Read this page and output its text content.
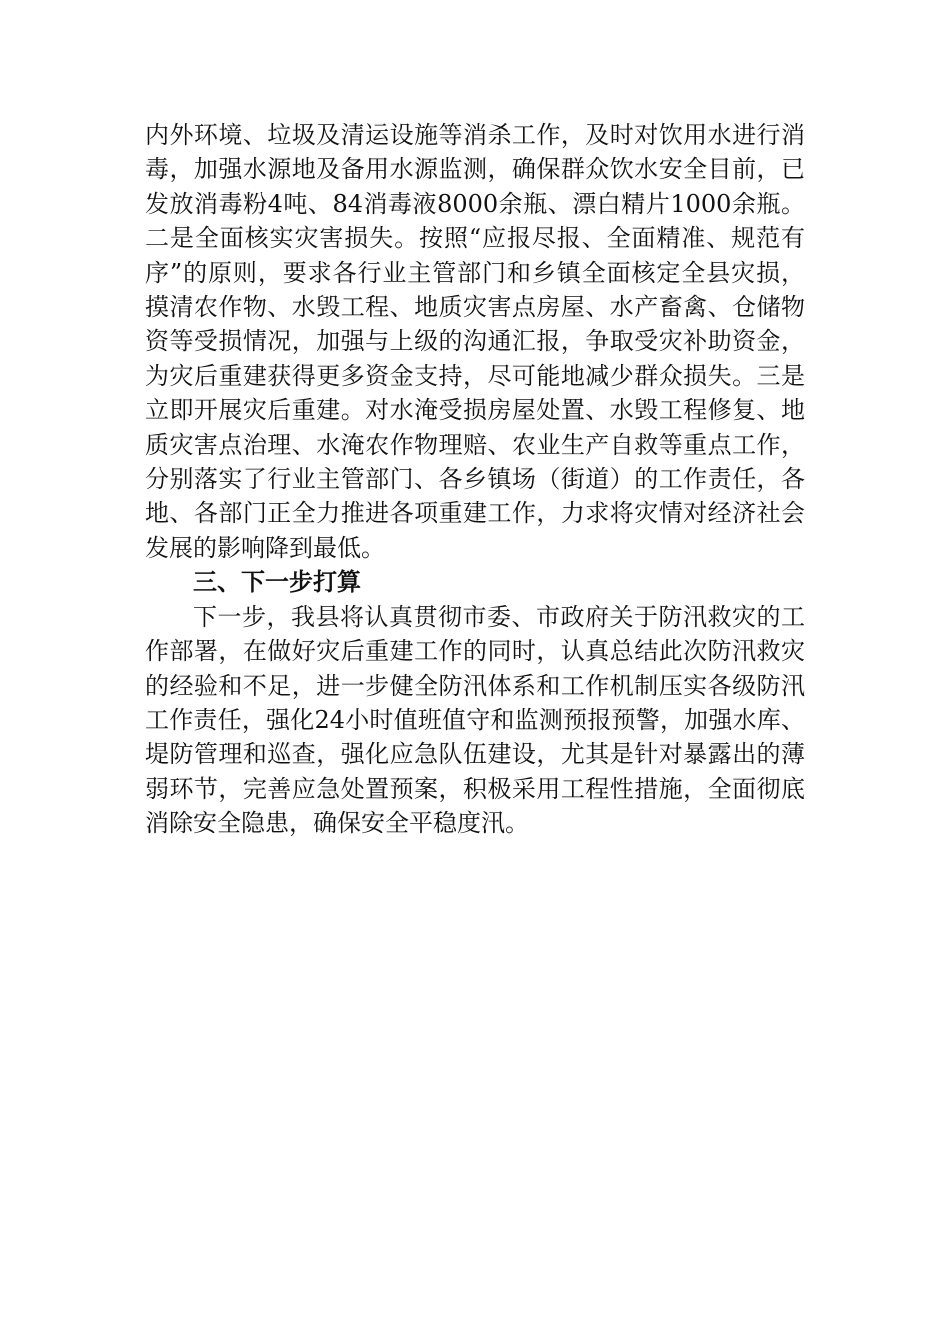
内外环境、垃圾及清运设施等消杀工作，及时对饮用水进行消毒，加强水源地及备用水源监测，确保群众饮水安全目前，已发放消毒粉4吨、84消毒液8000余瓶、漂白精片1000余瓶。二是全面核实灾害损失。按照“应报尽报、全面精准、规范有序”的原则，要求各行业主管部门和乡镇全面核定全县灾损，摸清农作物、水毁工程、地质灾害点房屋、水产畜禽、仓储物资等受损情况，加强与上级的沟通汇报，争取受灾补助资金，为灾后重建获得更多资金支持，尽可能地减少群众损失。三是立即开展灾后重建。对水淹受损房屋处置、水毁工程修复、地质灾害点治理、水淹农作物理赔、农业生产自救等重点工作，分别落实了行业主管部门、各乡镇场（街道）的工作责任，各地、各部门正全力推进各项重建工作，力求将灾情对经济社会发展的影响降到最低。

三、下一步打算

下一步，我县将认真贯彻市委、市政府关于防汛救灾的工作部署，在做好灾后重建工作的同时，认真总结此次防汛救灾的经验和不足，进一步健全防汛体系和工作机制压实各级防汛工作责任，强化24小时值班值守和监测预报预警，加强水库、堤防管理和巡查，强化应急队伍建设，尤其是针对暴露出的薄弱环节，完善应急处置预案，积极采用工程性措施，全面彻底消除安全隐患，确保安全平稳度汛。
